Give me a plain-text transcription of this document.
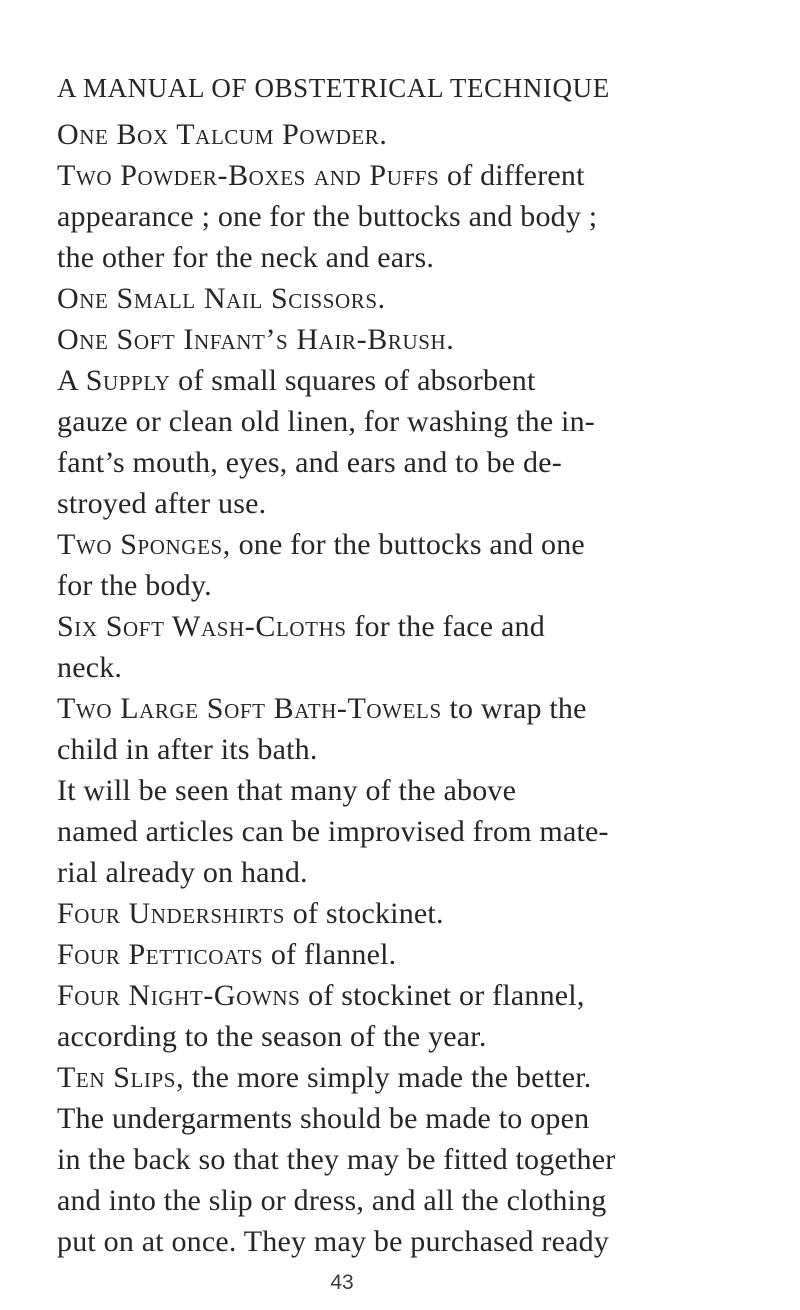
A MANUAL OF OBSTETRICAL TECHNIQUE
One Box Talcum Powder.
Two Powder-Boxes and Puffs of different
appearance ; one for the buttocks and body ;
the other for the neck and ears.
One Small Nail Scissors.
One Soft Infant’s Hair-Brush.
A Supply of small squares of absorbent
gauze or clean old linen, for washing the in-
fant’s mouth, eyes, and ears and to be de-
stroyed after use.
Two Sponges, one for the buttocks and one
for the body.
Six Soft Wash-Cloths for the face and
neck.
Two Large Soft Bath-Towels to wrap the
child in after its bath.
It will be seen that many of the above
named articles can be improvised from mate-
rial already on hand.
Four Undershirts of stockinet.
Four Petticoats of flannel.
Four Night-Gowns of stockinet or flannel,
according to the season of the year.
Ten Slips, the more simply made the better.
The undergarments should be made to open
in the back so that they may be fitted together
and into the slip or dress, and all the clothing
put on at once. They may be purchased ready
43
